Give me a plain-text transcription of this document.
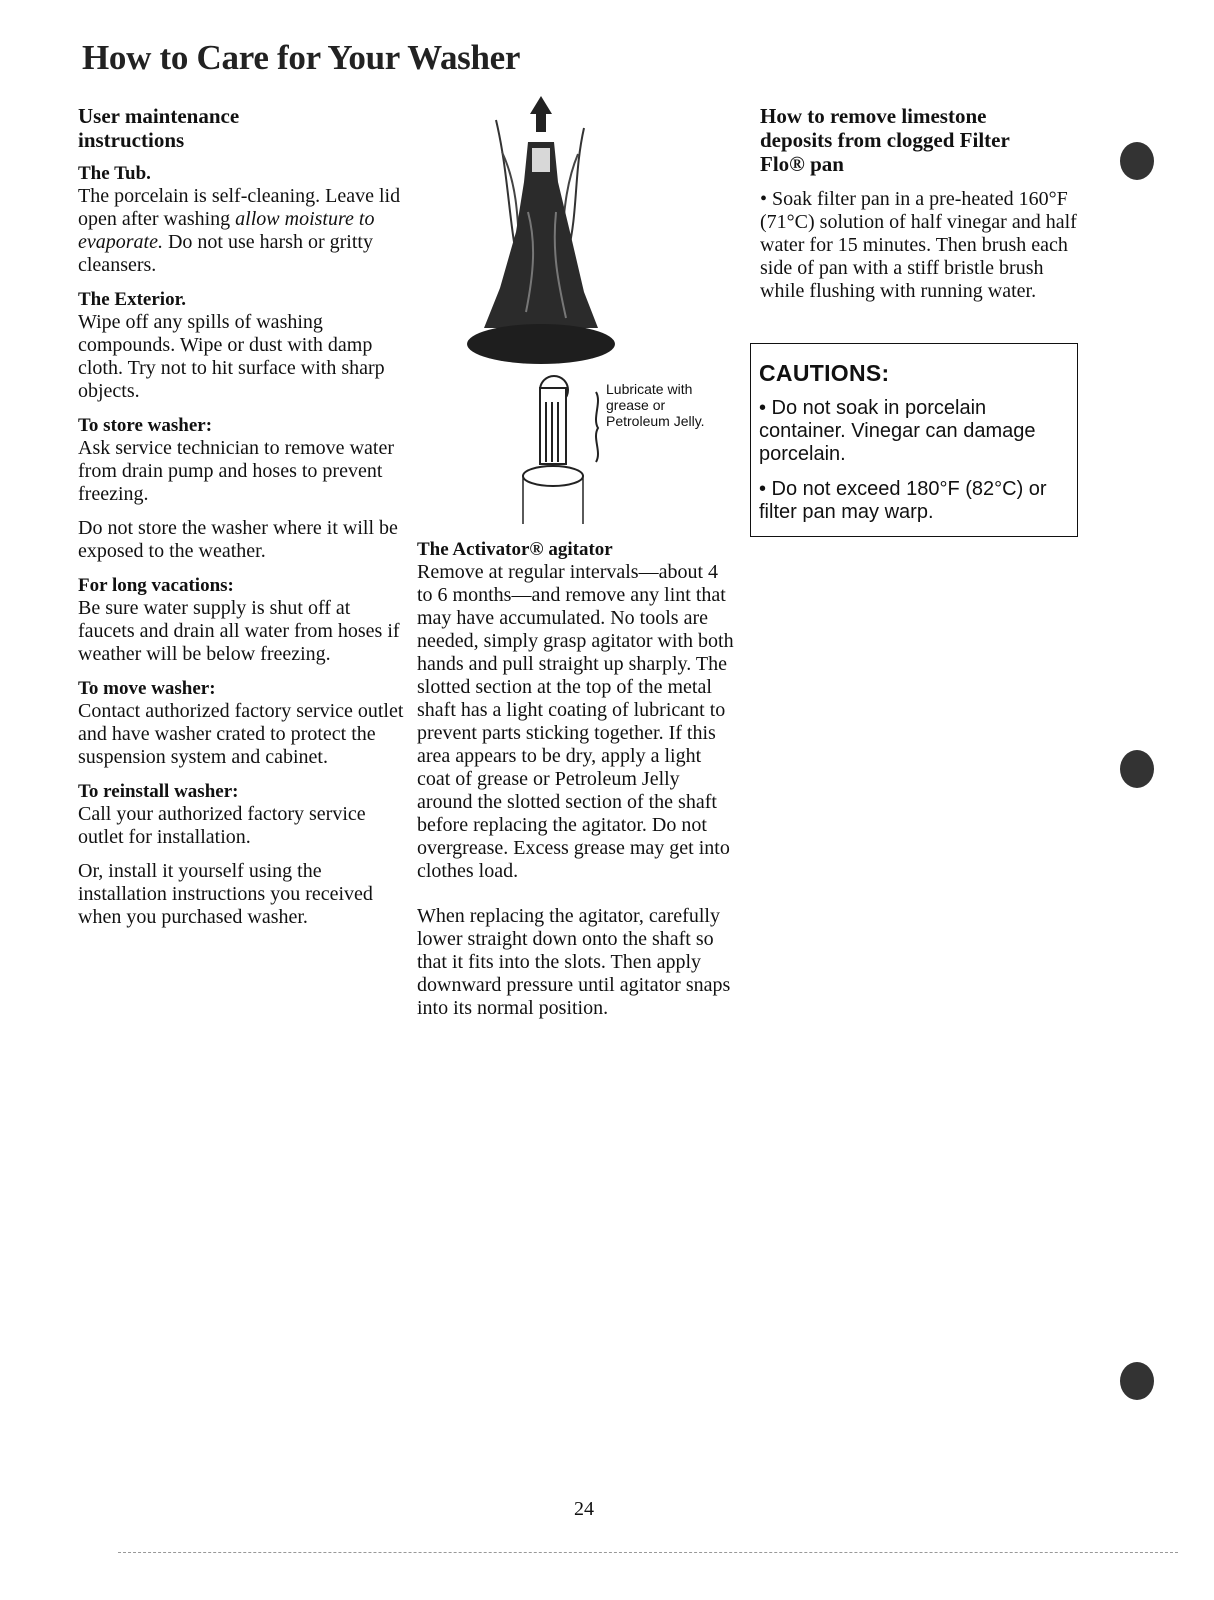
How to Care for Your Washer
User maintenance instructions
The Tub.

The porcelain is self-cleaning. Leave lid open after washing allow moisture to evaporate. Do not use harsh or gritty cleansers.

The Exterior.

Wipe off any spills of washing compounds. Wipe or dust with damp cloth. Try not to hit surface with sharp objects.

To store washer:

Ask service technician to remove water from drain pump and hoses to prevent freezing.

Do not store the washer where it will be exposed to the weather.

For long vacations:

Be sure water supply is shut off at faucets and drain all water from hoses if weather will be below freezing.

To move washer:

Contact authorized factory service outlet and have washer crated to protect the suspension system and cabinet.

To reinstall washer:

Call your authorized factory service outlet for installation.

Or, install it yourself using the installation instructions you received when you purchased washer.

Lubricate with grease or Petroleum Jelly.
The Activator® agitator

Remove at regular intervals—about 4 to 6 months—and remove any lint that may have accumulated. No tools are needed, simply grasp agitator with both hands and pull straight up sharply. The slotted section at the top of the metal shaft has a light coating of lubricant to prevent parts sticking together. If this area appears to be dry, apply a light coat of grease or Petroleum Jelly around the slotted section of the shaft before replacing the agitator. Do not overgrease. Excess grease may get into clothes load.

When replacing the agitator, carefully lower straight down onto the shaft so that it fits into the slots. Then apply downward pressure until agitator snaps into its normal position.

How to remove limestone deposits from clogged Filter Flo® pan

• Soak filter pan in a pre-heated 160°F (71°C) solution of half vinegar and half water for 15 minutes. Then brush each side of pan with a stiff bristle brush while flushing with running water.

CAUTIONS:

• Do not soak in porcelain container. Vinegar can damage porcelain.

• Do not exceed 180°F (82°C) or filter pan may warp.

24
